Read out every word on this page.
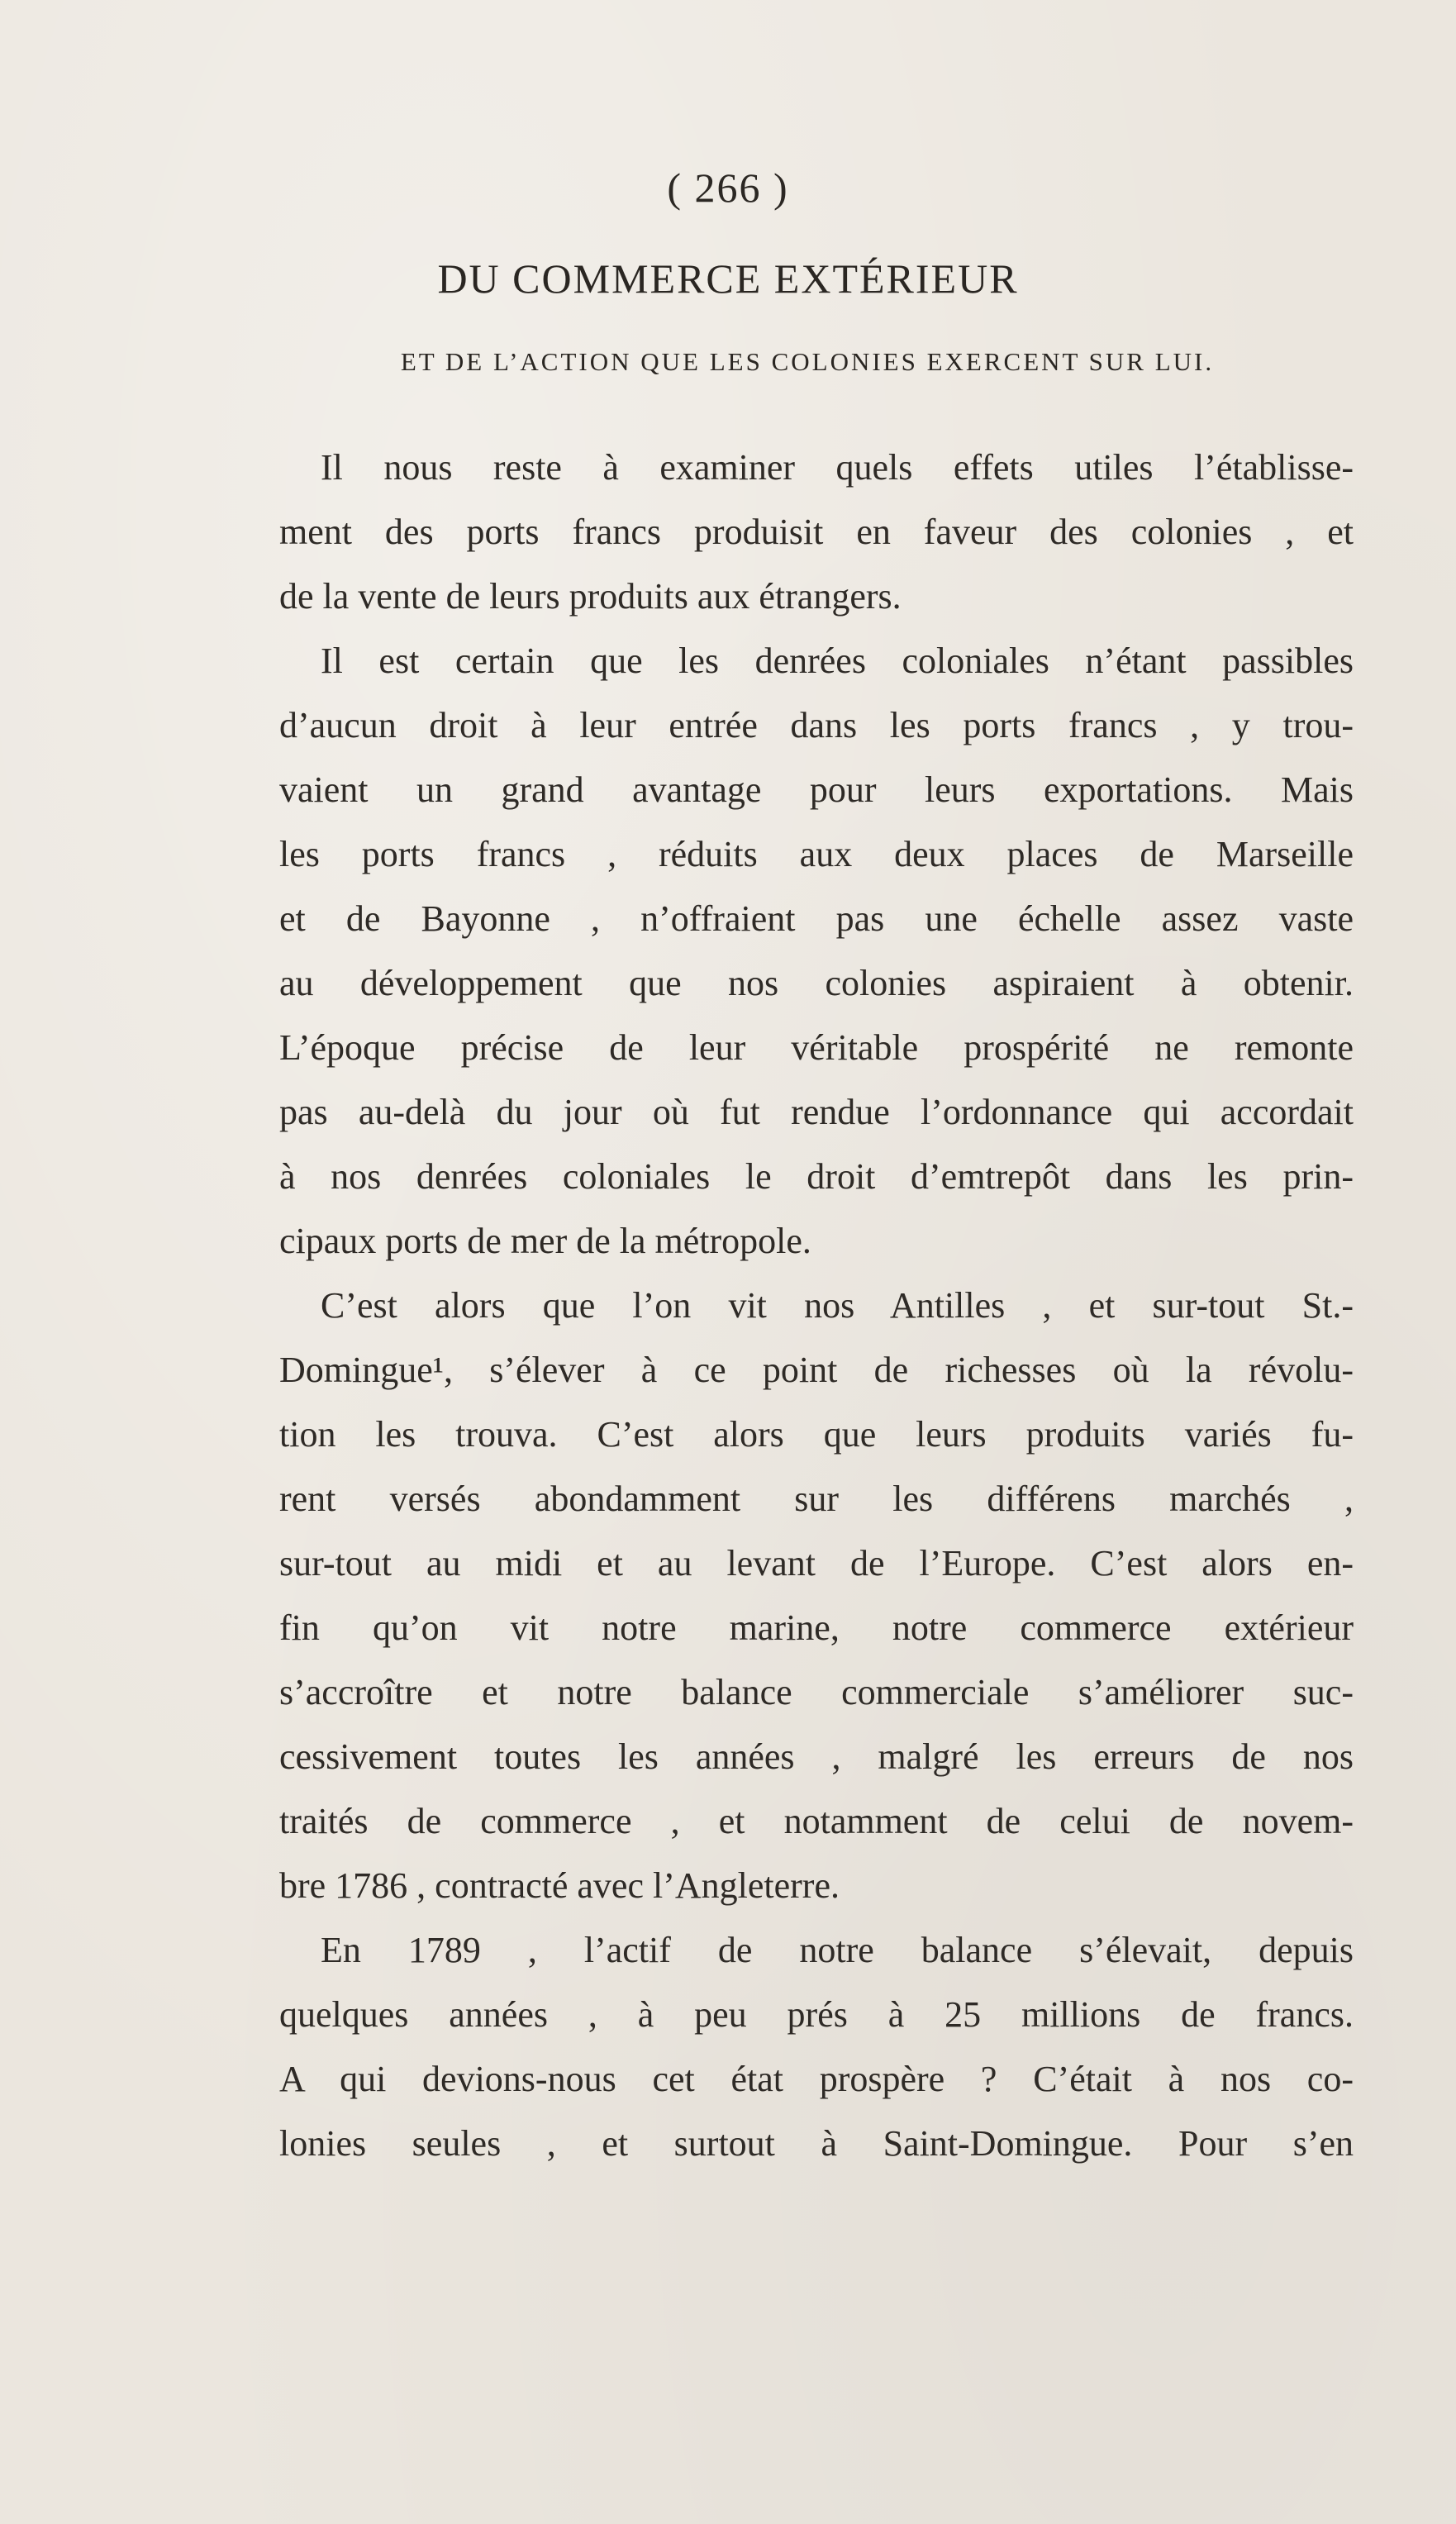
( 266 )
DU COMMERCE EXTÉRIEUR
ET DE L’ACTION QUE LES COLONIES EXERCENT SUR LUI.
Il nous reste à examiner quels effets utiles l’établisse-
ment des ports francs produisit en faveur des colonies , et
de la vente de leurs produits aux étrangers.
Il est certain que les denrées coloniales n’étant passibles
d’aucun droit à leur entrée dans les ports francs , y trou-
vaient un grand avantage pour leurs exportations. Mais
les ports francs , réduits aux deux places de Marseille
et de Bayonne , n’offraient pas une échelle assez vaste
au développement que nos colonies aspiraient à obtenir.
L’époque précise de leur véritable prospérité ne remonte
pas au-delà du jour où fut rendue l’ordonnance qui accordait
à nos denrées coloniales le droit d’emtrepôt dans les prin-
cipaux ports de mer de la métropole.
C’est alors que l’on vit nos Antilles , et sur-tout St.-
Domingue¹, s’élever à ce point de richesses où la révolu-
tion les trouva. C’est alors que leurs produits variés fu-
rent versés abondamment sur les différens marchés ,
sur-tout au midi et au levant de l’Europe. C’est alors en-
fin qu’on vit notre marine, notre commerce extérieur
s’accroître et notre balance commerciale s’améliorer suc-
cessivement toutes les années , malgré les erreurs de nos
traités de commerce , et notamment de celui de novem-
bre 1786 , contracté avec l’Angleterre.
En 1789 , l’actif de notre balance s’élevait, depuis
quelques années , à peu prés à 25 millions de francs.
A qui devions-nous cet état prospère ? C’était à nos co-
lonies seules , et surtout à Saint-Domingue. Pour s’en
